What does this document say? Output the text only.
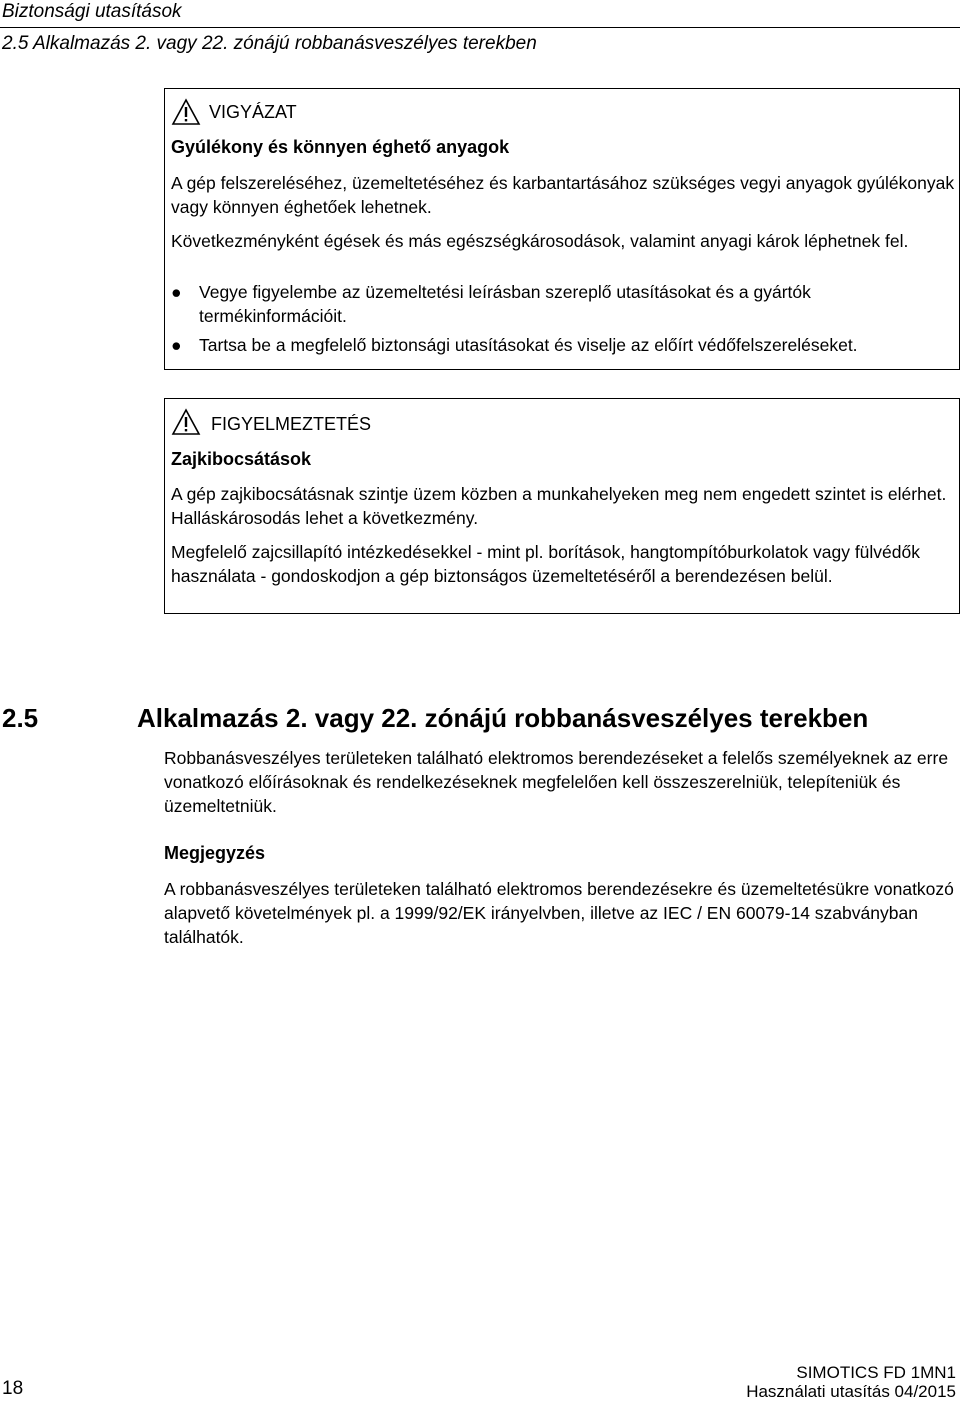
Biztonsági utasítások
2.5 Alkalmazás 2. vagy 22. zónájú robbanásveszélyes terekben
VIGYÁZAT
Gyúlékony és könnyen éghető anyagok
A gép felszereléséhez, üzemeltetéséhez és karbantartásához szükséges vegyi anyagok gyúlékonyak vagy könnyen éghetőek lehetnek.
Következményként égések és más egészségkárosodások, valamint anyagi károk léphetnek fel.
● Vegye figyelembe az üzemeltetési leírásban szereplő utasításokat és a gyártók termékinformációit.
● Tartsa be a megfelelő biztonsági utasításokat és viselje az előírt védőfelszereléseket.
FIGYELMEZTETÉS
Zajkibocsátások
A gép zajkibocsátásnak szintje üzem közben a munkahelyeken meg nem engedett szintet is elérhet. Halláskárosodás lehet a következmény.
Megfelelő zajcsillapító intézkedésekkel - mint pl. borítások, hangtompítóburkolatok vagy fülvédők használata - gondoskodjon a gép biztonságos üzemeltetéséről a berendezésen belül.
2.5	Alkalmazás 2. vagy 22. zónájú robbanásveszélyes terekben
Robbanásveszélyes területeken található elektromos berendezéseket a felelős személyeknek az erre vonatkozó előírásoknak és rendelkezéseknek megfelelően kell összeszerelniük, telepíteniük és üzemeltetniük.
Megjegyzés
A robbanásveszélyes területeken található elektromos berendezésekre és üzemeltetésükre vonatkozó alapvető követelmények pl. a 1999/92/EK irányelvben, illetve az IEC / EN 60079-14 szabványban találhatók.
18
SIMOTICS FD 1MN1
Használati utasítás 04/2015
